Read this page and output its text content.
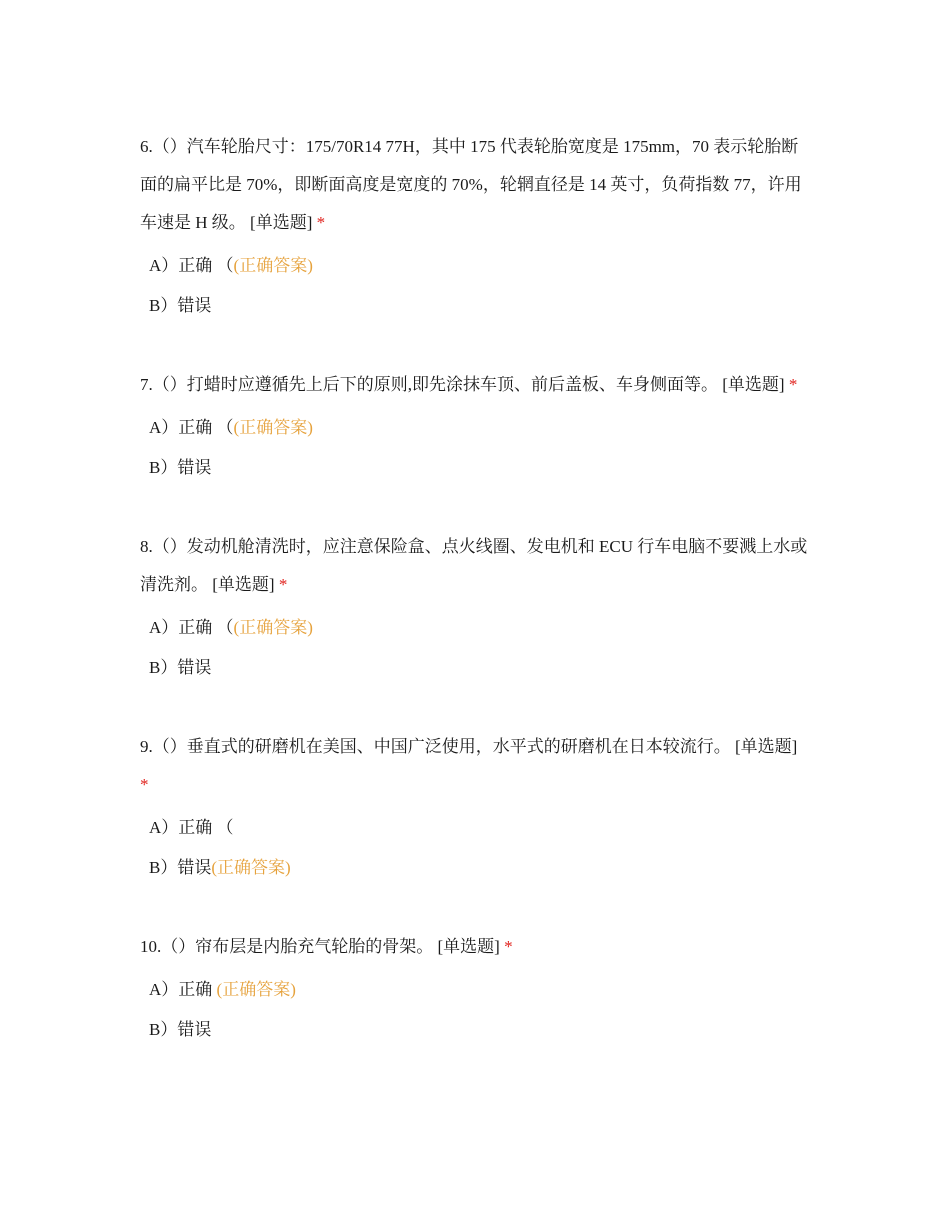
6.（）汽车轮胎尺寸：175/70R14 77H，其中 175 代表轮胎宽度是 175mm，70 表示轮胎断面的扁平比是 70%，即断面高度是宽度的 70%，轮辋直径是 14 英寸，负荷指数 77，许用车速是 H 级。 [单选题] *

A）正确 （(正确答案)

B）错误

7.（）打蜡时应遵循先上后下的原则,即先涂抹车顶、前后盖板、车身侧面等。 [单选题] *

A）正确 （(正确答案)

B）错误

8.（）发动机舱清洗时，应注意保险盒、点火线圈、发电机和 ECU 行车电脑不要溅上水或清洗剂。 [单选题] *

A）正确 （(正确答案)

B）错误

9.（）垂直式的研磨机在美国、中国广泛使用，水平式的研磨机在日本较流行。 [单选题] *

A）正确 （

B）错误(正确答案)

10.（）帘布层是内胎充气轮胎的骨架。 [单选题] *

A）正确 (正确答案)

B）错误
